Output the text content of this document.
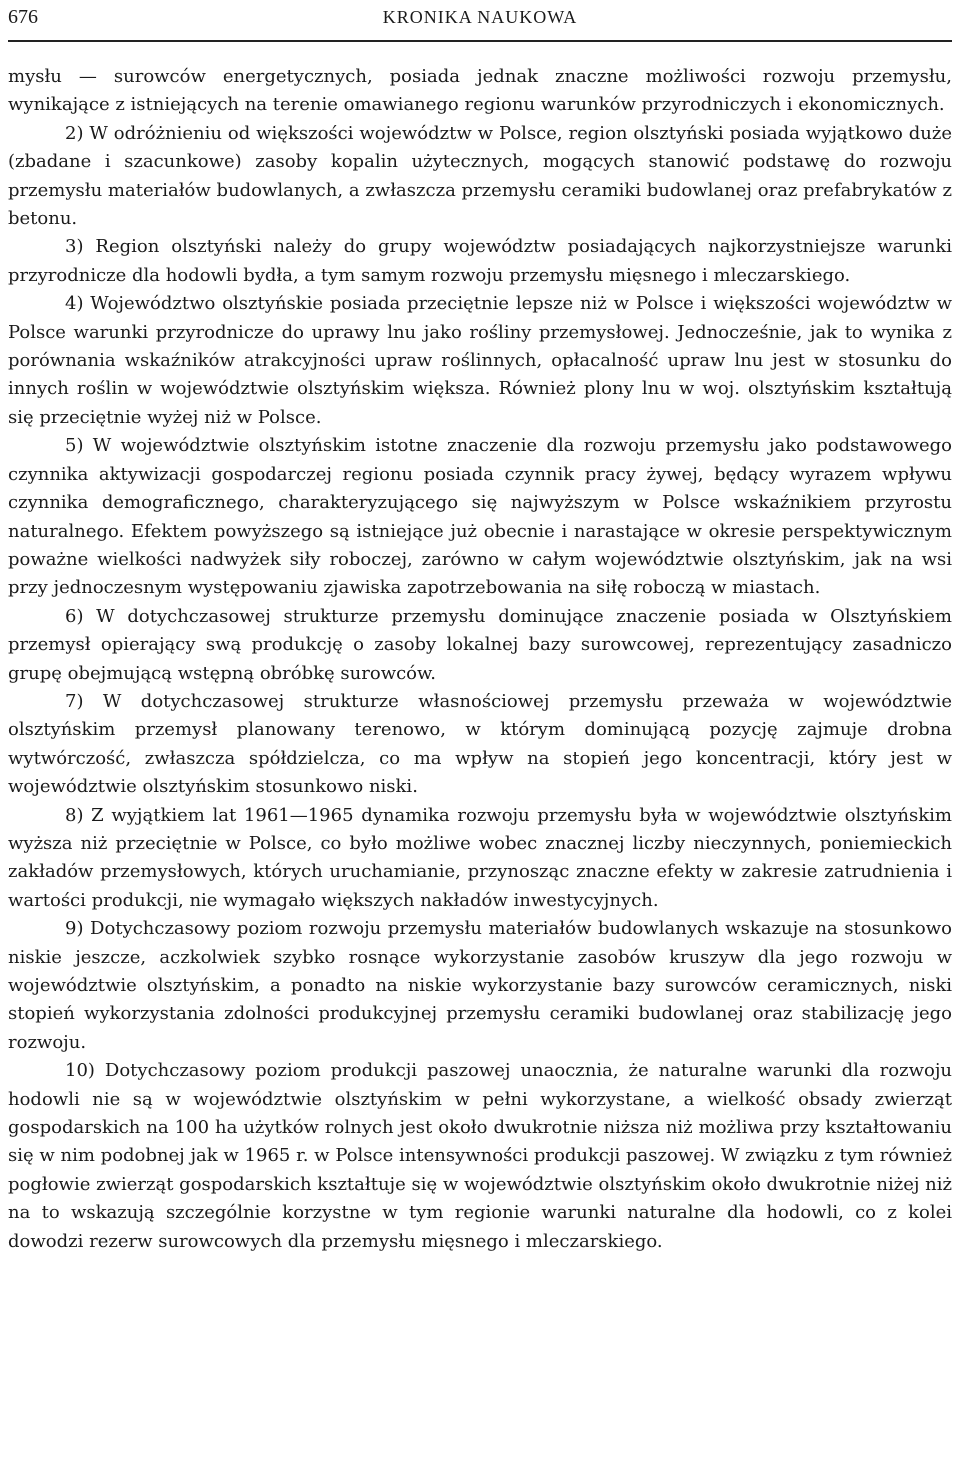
676	KRONIKA NAUKOWA

mysłu — surowców energetycznych, posiada jednak znaczne możliwości rozwoju przemysłu, wynikające z istniejących na terenie omawianego regionu warunków przyrodniczych i ekonomicznych.

2) W odróżnieniu od większości województw w Polsce, region olsztyński posiada wyjątkowo duże (zbadane i szacunkowe) zasoby kopalin użytecznych, mogących stanowić podstawę do rozwoju przemysłu materiałów budowlanych, a zwłaszcza przemysłu ceramiki budowlanej oraz prefabrykatów z betonu.

3) Region olsztyński należy do grupy województw posiadających najkorzystniejsze warunki przyrodnicze dla hodowli bydła, a tym samym rozwoju przemysłu mięsnego i mleczarskiego.

4) Województwo olsztyńskie posiada przeciętnie lepsze niż w Polsce i większości województw w Polsce warunki przyrodnicze do uprawy lnu jako rośliny przemysłowej. Jednocześnie, jak to wynika z porównania wskaźników atrakcyjności upraw roślinnych, opłacalność upraw lnu jest w stosunku do innych roślin w województwie olsztyńskim większa. Również plony lnu w woj. olsztyńskim kształtują się przeciętnie wyżej niż w Polsce.

5) W województwie olsztyńskim istotne znaczenie dla rozwoju przemysłu jako podstawowego czynnika aktywizacji gospodarczej regionu posiada czynnik pracy żywej, będący wyrazem wpływu czynnika demograficznego, charakteryzującego się najwyższym w Polsce wskaźnikiem przyrostu naturalnego. Efektem powyższego są istniejące już obecnie i narastające w okresie perspektywicznym poważne wielkości nadwyżek siły roboczej, zarówno w całym województwie olsztyńskim, jak na wsi przy jednoczesnym występowaniu zjawiska zapotrzebowania na siłę roboczą w miastach.

6) W dotychczasowej strukturze przemysłu dominujące znaczenie posiada w Olsztyńskiem przemysł opierający swą produkcję o zasoby lokalnej bazy surowcowej, reprezentujący zasadniczo grupę obejmującą wstępną obróbkę surowców.

7) W dotychczasowej strukturze własnościowej przemysłu przeważa w województwie olsztyńskim przemysł planowany terenowo, w którym dominującą pozycję zajmuje drobna wytwórczość, zwłaszcza spółdzielcza, co ma wpływ na stopień jego koncentracji, który jest w województwie olsztyńskim stosunkowo niski.

8) Z wyjątkiem lat 1961—1965 dynamika rozwoju przemysłu była w województwie olsztyńskim wyższa niż przeciętnie w Polsce, co było możliwe wobec znacznej liczby nieczynnych, poniemieckich zakładów przemysłowych, których uruchamianie, przynosząc znaczne efekty w zakresie zatrudnienia i wartości produkcji, nie wymagało większych nakładów inwestycyjnych.

9) Dotychczasowy poziom rozwoju przemysłu materiałów budowlanych wskazuje na stosunkowo niskie jeszcze, aczkolwiek szybko rosnące wykorzystanie zasobów kruszyw dla jego rozwoju w województwie olsztyńskim, a ponadto na niskie wykorzystanie bazy surowców ceramicznych, niski stopień wykorzystania zdolności produkcyjnej przemysłu ceramiki budowlanej oraz stabilizację jego rozwoju.

10) Dotychczasowy poziom produkcji paszowej unaocznia, że naturalne warunki dla rozwoju hodowli nie są w województwie olsztyńskim w pełni wykorzystane, a wielkość obsady zwierząt gospodarskich na 100 ha użytków rolnych jest około dwukrotnie niższa niż możliwa przy kształtowaniu się w nim podobnej jak w 1965 r. w Polsce intensywności produkcji paszowej. W związku z tym również pogłowie zwierząt gospodarskich kształtuje się w województwie olsztyńskim około dwukrotnie niżej niż na to wskazują szczególnie korzystne w tym regionie warunki naturalne dla hodowli, co z kolei dowodzi rezerw surowcowych dla przemysłu mięsnego i mleczarskiego.
